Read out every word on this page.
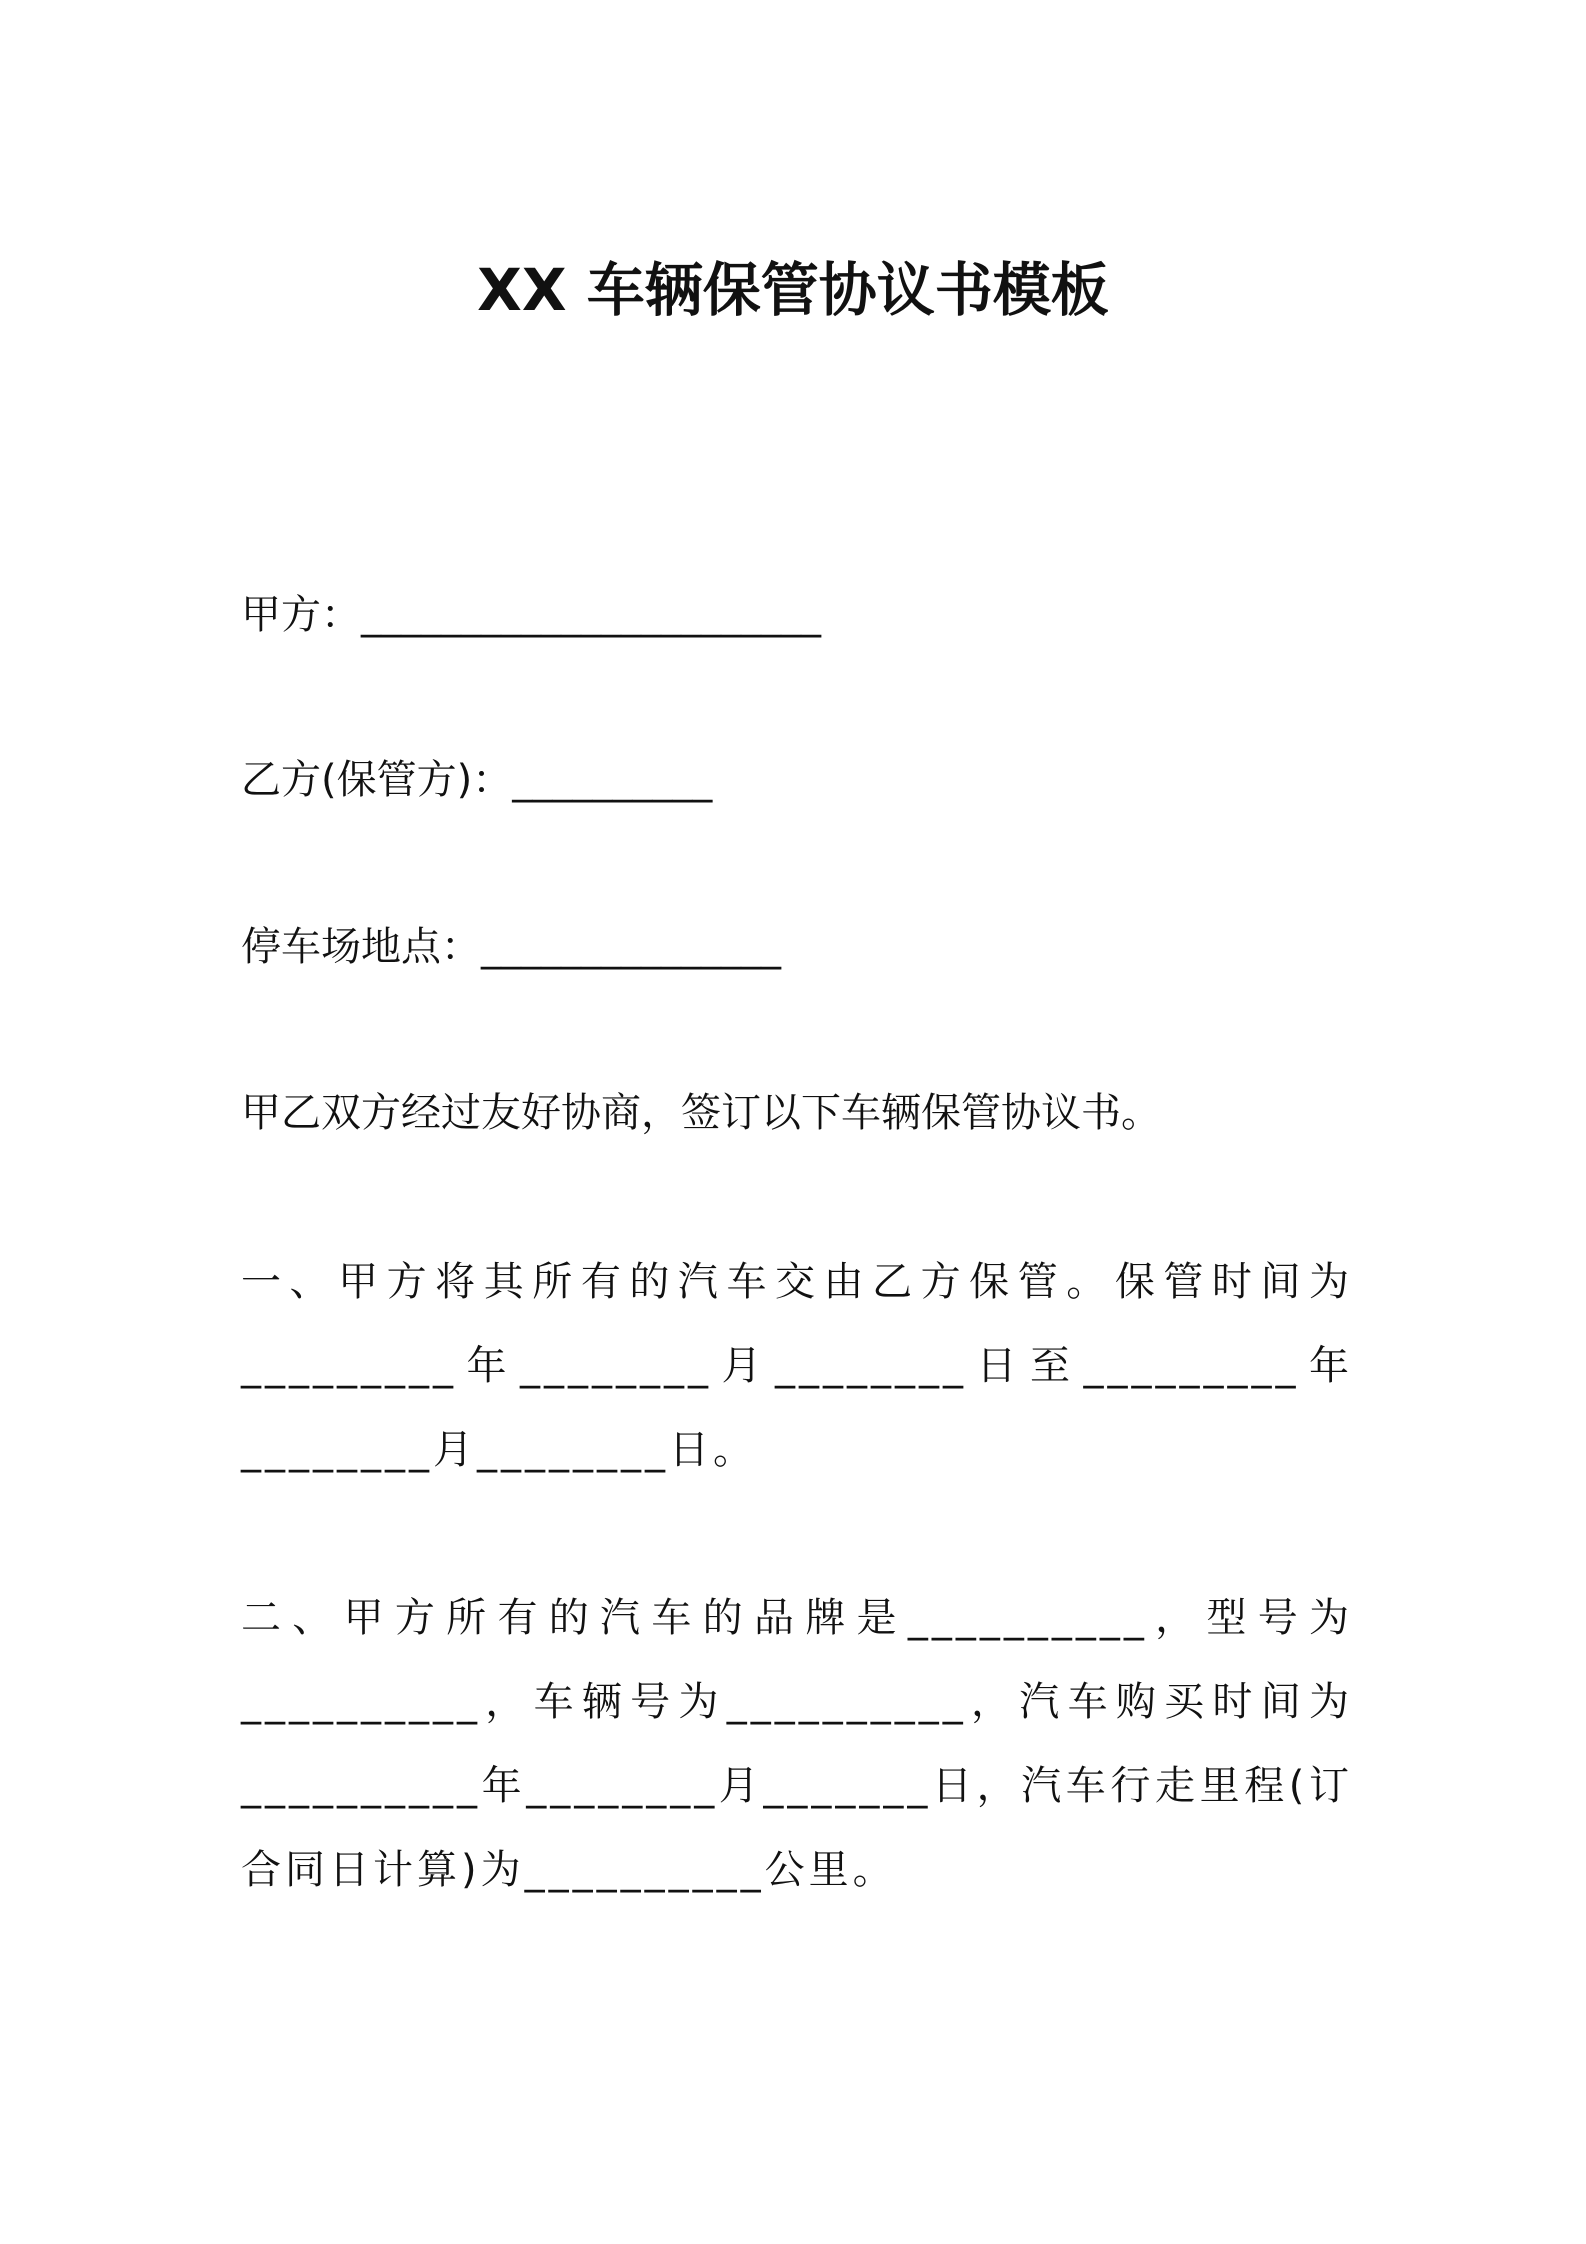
XX 车辆保管协议书模板
甲方：_______________________
乙方(保管方)：__________
停车场地点：_______________
甲乙双方经过友好协商，签订以下车辆保管协议书。
一、甲方将其所有的汽车交由乙方保管。保管时间为_________年________月________日至_________年________月________日。
二、甲方所有的汽车的品牌是__________，型号为__________，车辆号为__________，汽车购买时间为__________年________月_______日，汽车行走里程(订合同日计算)为__________公里。
